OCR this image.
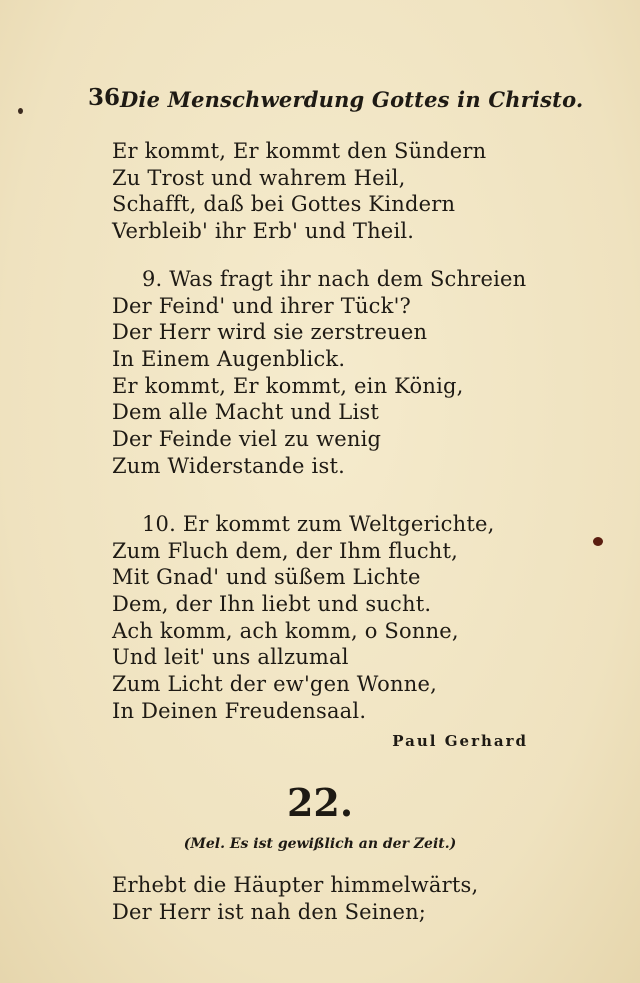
36 Die Menschwerdung Gottes in Christo.
Er kommt, Er kommt den Sündern
Zu Trost und wahrem Heil,
Schafft, daß bei Gottes Kindern
Verbleib' ihr Erb' und Theil.
9. Was fragt ihr nach dem Schreien
Der Feind' und ihrer Tück'?
Der Herr wird sie zerstreuen
In Einem Augenblick.
Er kommt, Er kommt, ein König,
Dem alle Macht und List
Der Feinde viel zu wenig
Zum Widerstande ist.
10. Er kommt zum Weltgerichte,
Zum Fluch dem, der Ihm flucht,
Mit Gnad' und süßem Lichte
Dem, der Ihn liebt und sucht.
Ach komm, ach komm, o Sonne,
Und leit' uns allzumal
Zum Licht der ew'gen Wonne,
In Deinen Freudensaal.
Paul Gerhard
22.
(Mel. Es ist gewißlich an der Zeit.)
Erhebt die Häupter himmelwärts,
Der Herr ist nah den Seinen;
